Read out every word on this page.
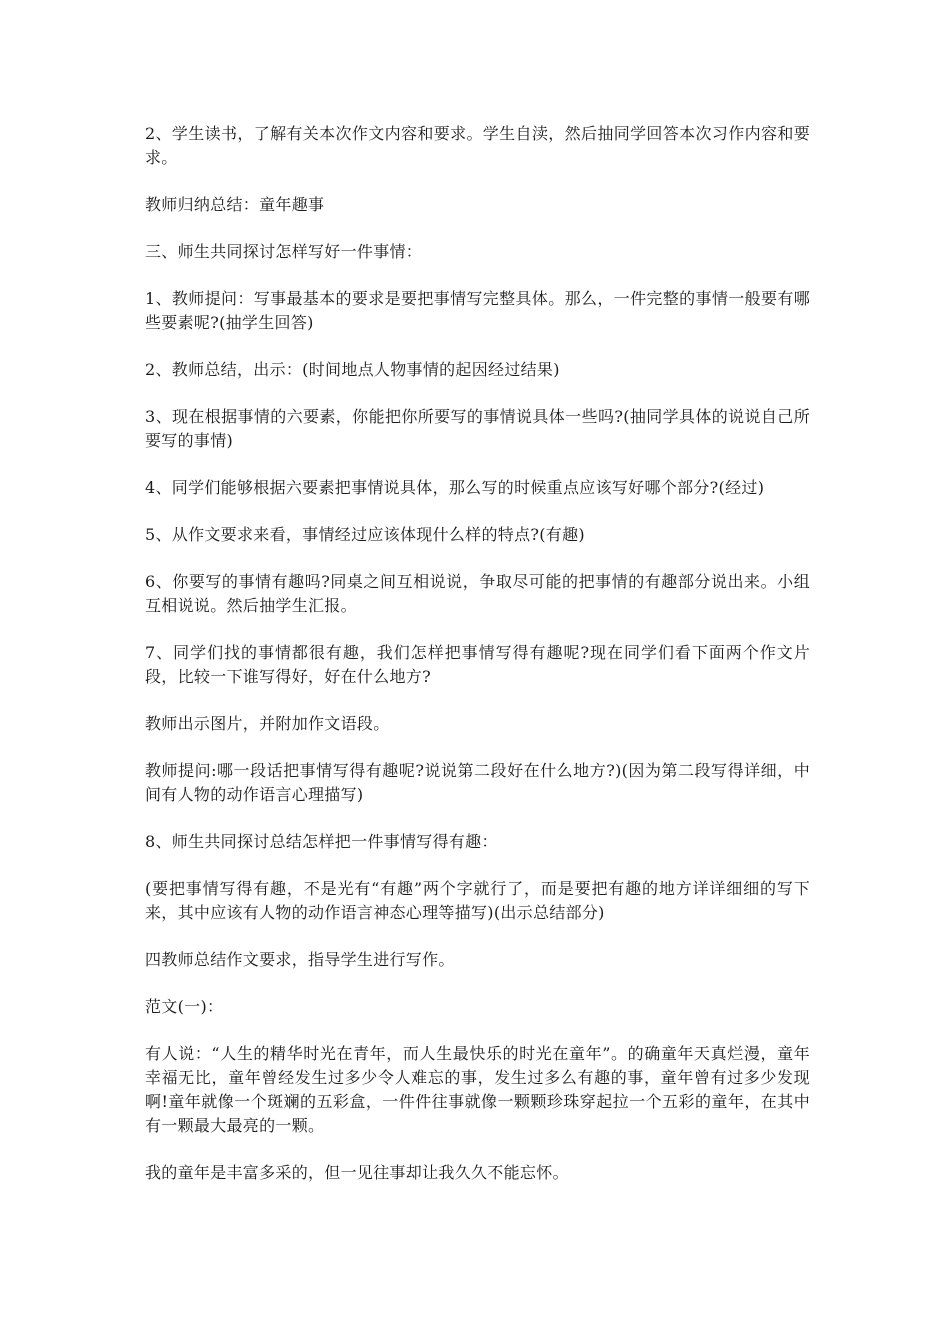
2、学生读书，了解有关本次作文内容和要求。学生自渎，然后抽同学回答本次习作内容和要求。

教师归纳总结：童年趣事

三、师生共同探讨怎样写好一件事情：

1、教师提问：写事最基本的要求是要把事情写完整具体。那么，一件完整的事情一般要有哪些要素呢?(抽学生回答)

2、教师总结，出示：(时间地点人物事情的起因经过结果)

3、现在根据事情的六要素，你能把你所要写的事情说具体一些吗?(抽同学具体的说说自己所要写的事情)

4、同学们能够根据六要素把事情说具体，那么写的时候重点应该写好哪个部分?(经过)

5、从作文要求来看，事情经过应该体现什么样的特点?(有趣)

6、你要写的事情有趣吗?同桌之间互相说说，争取尽可能的把事情的有趣部分说出来。小组互相说说。然后抽学生汇报。

7、同学们找的事情都很有趣，我们怎样把事情写得有趣呢?现在同学们看下面两个作文片段，比较一下谁写得好，好在什么地方?

教师出示图片，并附加作文语段。

教师提问:哪一段话把事情写得有趣呢?说说第二段好在什么地方?)(因为第二段写得详细，中间有人物的动作语言心理描写)

8、师生共同探讨总结怎样把一件事情写得有趣：

(要把事情写得有趣，不是光有“有趣”两个字就行了，而是要把有趣的地方详详细细的写下来，其中应该有人物的动作语言神态心理等描写)(出示总结部分)

四教师总结作文要求，指导学生进行写作。

范文(一)：

有人说：“人生的精华时光在青年，而人生最快乐的时光在童年”。的确童年天真烂漫，童年幸福无比，童年曾经发生过多少令人难忘的事，发生过多么有趣的事，童年曾有过多少发现啊!童年就像一个斑斓的五彩盒，一件件往事就像一颗颗珍珠穿起拉一个五彩的童年，在其中有一颗最大最亮的一颗。

我的童年是丰富多采的，但一见往事却让我久久不能忘怀。
